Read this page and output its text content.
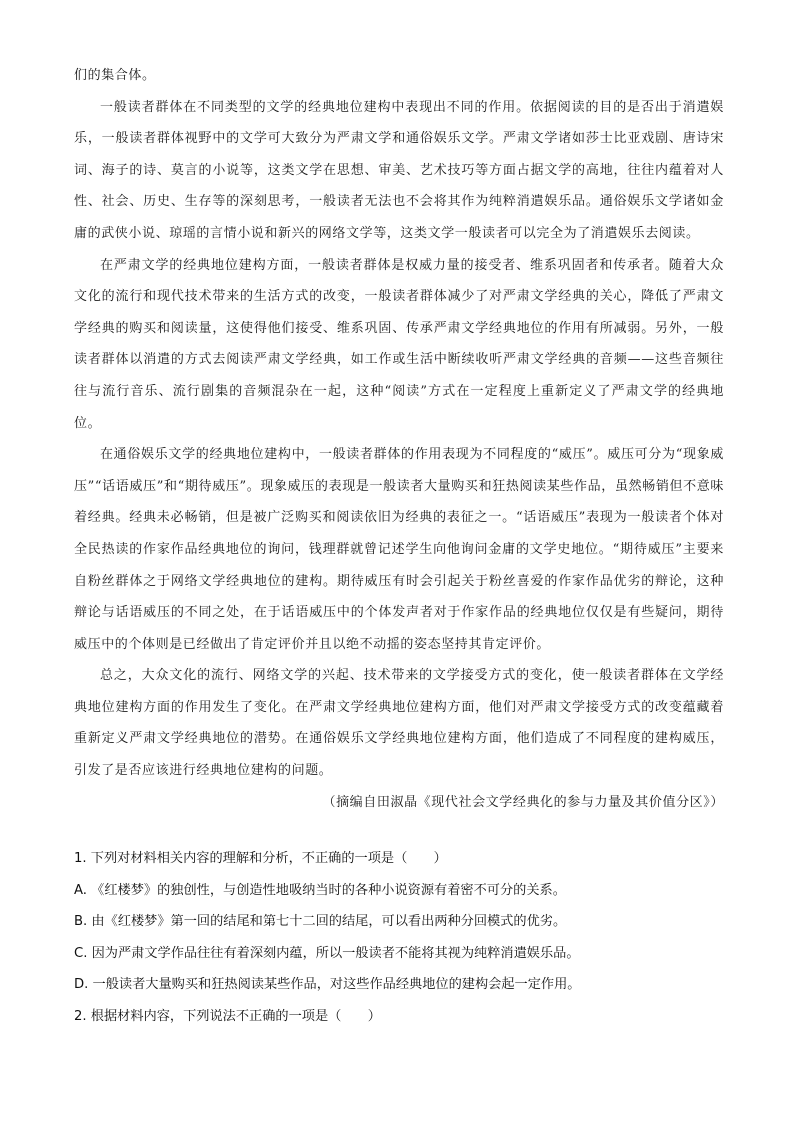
们的集合体。

一般读者群体在不同类型的文学的经典地位建构中表现出不同的作用。依据阅读的目的是否出于消遣娱乐，一般读者群体视野中的文学可大致分为严肃文学和通俗娱乐文学。严肃文学诸如莎士比亚戏剧、唐诗宋词、海子的诗、莫言的小说等，这类文学在思想、审美、艺术技巧等方面占据文学的高地，往往内蕴着对人性、社会、历史、生存等的深刻思考，一般读者无法也不会将其作为纯粹消遣娱乐品。通俗娱乐文学诸如金庸的武侠小说、琼瑶的言情小说和新兴的网络文学等，这类文学一般读者可以完全为了消遣娱乐去阅读。

在严肃文学的经典地位建构方面，一般读者群体是权威力量的接受者、维系巩固者和传承者。随着大众文化的流行和现代技术带来的生活方式的改变，一般读者群体减少了对严肃文学经典的关心，降低了严肃文学经典的购买和阅读量，这使得他们接受、维系巩固、传承严肃文学经典地位的作用有所减弱。另外，一般读者群体以消遣的方式去阅读严肃文学经典，如工作或生活中断续收听严肃文学经典的音频——这些音频往往与流行音乐、流行剧集的音频混杂在一起，这种“阅读”方式在一定程度上重新定义了严肃文学的经典地位。

在通俗娱乐文学的经典地位建构中，一般读者群体的作用表现为不同程度的“威压”。威压可分为“现象威压”“话语威压”和“期待威压”。现象威压的表现是一般读者大量购买和狂热阅读某些作品，虽然畅销但不意味着经典。经典未必畅销，但是被广泛购买和阅读依旧为经典的表征之一。“话语威压”表现为一般读者个体对全民热读的作家作品经典地位的询问，钱理群就曾记述学生向他询问金庸的文学史地位。“期待威压”主要来自粉丝群体之于网络文学经典地位的建构。期待威压有时会引起关于粉丝喜爱的作家作品优劣的辩论，这种辩论与话语威压的不同之处，在于话语威压中的个体发声者对于作家作品的经典地位仅仅是有些疑问，期待威压中的个体则是已经做出了肯定评价并且以绝不动摇的姿态坚持其肯定评价。

总之，大众文化的流行、网络文学的兴起、技术带来的文学接受方式的变化，使一般读者群体在文学经典地位建构方面的作用发生了变化。在严肃文学经典地位建构方面，他们对严肃文学接受方式的改变蕴藏着重新定义严肃文学经典地位的潜势。在通俗娱乐文学经典地位建构方面，他们造成了不同程度的建构威压，引发了是否应该进行经典地位建构的问题。

（摘编自田淑晶《现代社会文学经典化的参与力量及其价值分区》）

1. 下列对材料相关内容的理解和分析，不正确的一项是（　　）

A. 《红楼梦》的独创性，与创造性地吸纳当时的各种小说资源有着密不可分的关系。

B. 由《红楼梦》第一回的结尾和第七十二回的结尾，可以看出两种分回模式的优劣。

C. 因为严肃文学作品往往有着深刻内蕴，所以一般读者不能将其视为纯粹消遣娱乐品。

D. 一般读者大量购买和狂热阅读某些作品，对这些作品经典地位的建构会起一定作用。

2. 根据材料内容，下列说法不正确的一项是（　　）
